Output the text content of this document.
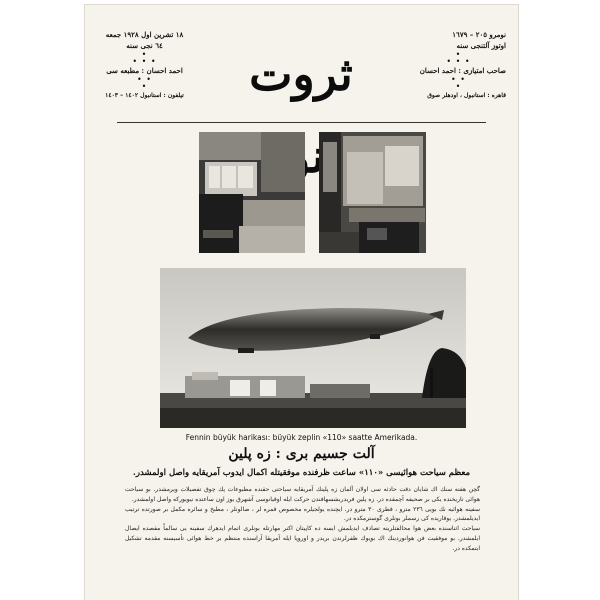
نومرو ٢٠٥ – ١٦٧٩
اوتوز آلتنجی سنه
•
• • •
صاحب امتيازى : احمد احسان
• •
•
قاهره : استانبول ، اودهلر صوق
١٨ تشرين اول ١٩٢٨ جمعه
٦٤ نجی سنه
•
• • •
احمد احسان : مطبعه سى
• •
•
تيلفون : استانبول ١٤٠٢ – ١٤٠٣	ثروت
Fennin büyük harikası: büyük zeplin «110» saatte Amerikada.
آلت جسيم برى : زه پلين
معظم سياحت هوائيسى «١١٠» ساعت ظرفنده موفقيتله اكمال ايدوب آمريقايه واصل اولمشدر.

گچن هفته سنك اك شايان دقت حادثه سى اولان ألمان زه پلينك آمريقايه سياحتى حقنده مطبوعات پك چوق تفصيلات ويرمشدر. بو سياحت هوائى تاريخنده يكى بر صحيفه آچمقده در. زه پلين فريدريشسهافندن حركت ايله اوقيانوسى آشهرق يوز اون ساعتده نيويوركه واصل اولمشدر.

سفينه هوائيه نك بويى ٢٣٦ مترو ، قطرى ٣٠ مترو در. ايچنده يولجيلره مخصوص قمره لر ، صالونلر ، مطبخ و سائره مكمل بر صورتده ترتيب ايديلمشدر. يوقاريده كى رسملر بونلرى گوسترمكده در.

سياحت اثناسنده بعض هوا محالفتلرينه تصادف ايديلمش ايسه ده كاپيتان اكنر مهارتله بونلرى اتمام ايدهرك سفينه يى سالماً مقصده ايصال ايلمشدر. بو موفقيت فن هوانوردينك اك بويوك ظفرلرندن بريدر و اوروپا ايله آمريقا آراسنده منتظم بر خط هوائى تأسيسنه مقدمه تشكيل ايتمكده در.
